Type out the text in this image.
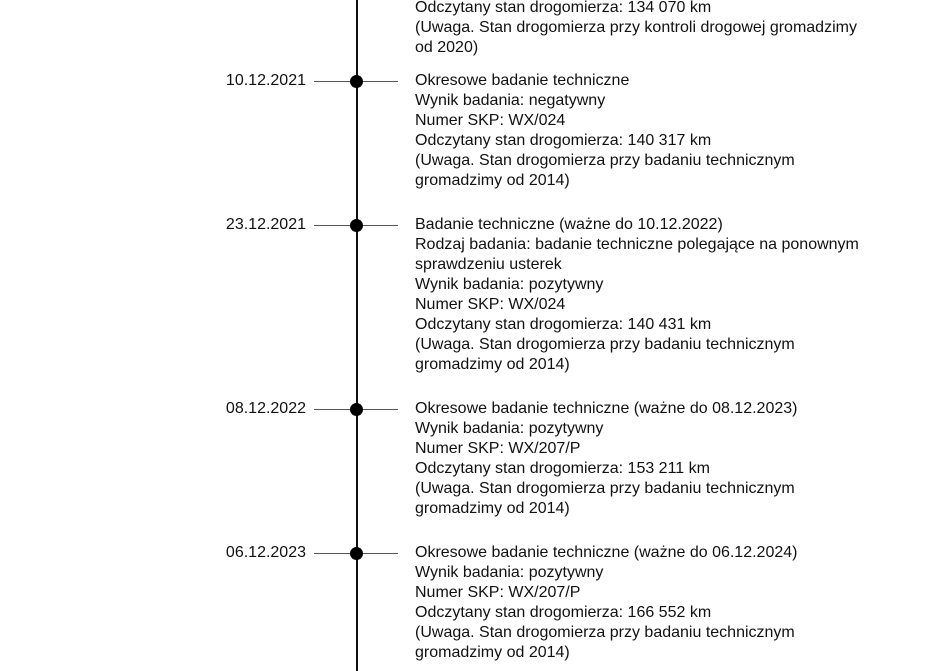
Odczytany stan drogomierza: 134 070 km
(Uwaga. Stan drogomierza przy kontroli drogowej gromadzimy
od 2020)
10.12.2021	Okresowe badanie techniczne
Wynik badania: negatywny
Numer SKP: WX/024
Odczytany stan drogomierza: 140 317 km
(Uwaga. Stan drogomierza przy badaniu technicznym
gromadzimy od 2014)
23.12.2021	Badanie techniczne (ważne do 10.12.2022)
Rodzaj badania: badanie techniczne polegające na ponownym
sprawdzeniu usterek
Wynik badania: pozytywny
Numer SKP: WX/024
Odczytany stan drogomierza: 140 431 km
(Uwaga. Stan drogomierza przy badaniu technicznym
gromadzimy od 2014)
08.12.2022	Okresowe badanie techniczne (ważne do 08.12.2023)
Wynik badania: pozytywny
Numer SKP: WX/207/P
Odczytany stan drogomierza: 153 211 km
(Uwaga. Stan drogomierza przy badaniu technicznym
gromadzimy od 2014)
06.12.2023	Okresowe badanie techniczne (ważne do 06.12.2024)
Wynik badania: pozytywny
Numer SKP: WX/207/P
Odczytany stan drogomierza: 166 552 km
(Uwaga. Stan drogomierza przy badaniu technicznym
gromadzimy od 2014)
